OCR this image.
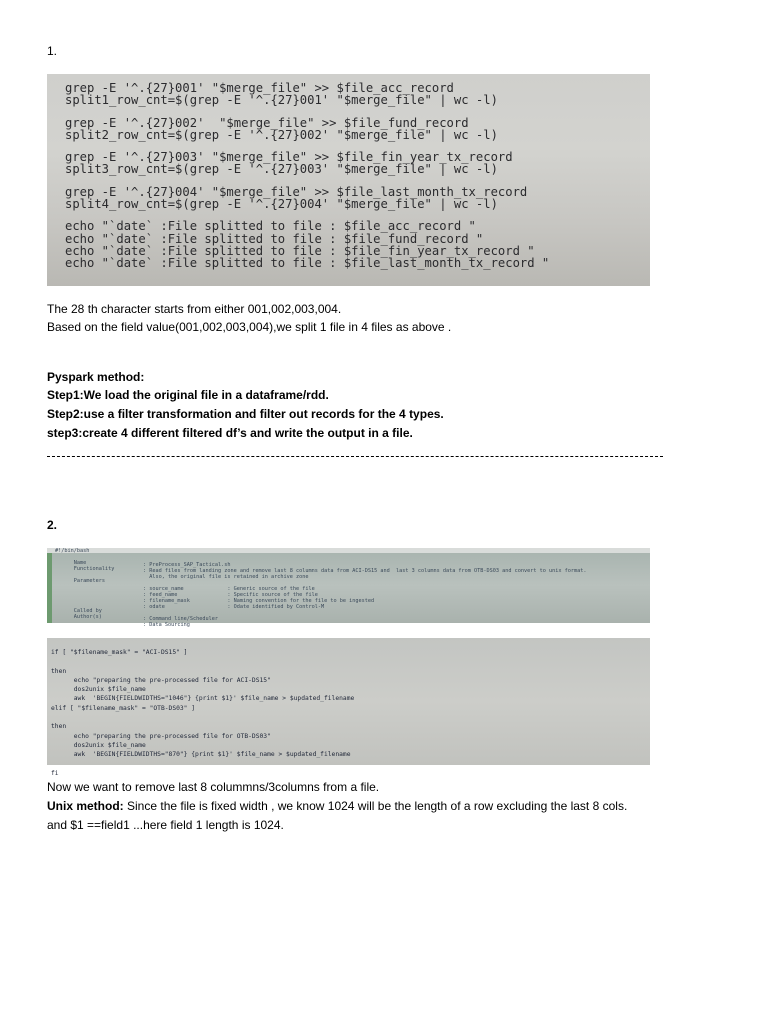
1.
grep -E '^.{27}001' "$merge_file" >> $file_acc_record
split1_row_cnt=$(grep -E '^.{27}001' "$merge_file" | wc -l)

grep -E '^.{27}002'  "$merge_file" >> $file_fund_record
split2_row_cnt=$(grep -E '^.{27}002' "$merge_file" | wc -l)

grep -E '^.{27}003' "$merge_file" >> $file_fin_year_tx_record
split3_row_cnt=$(grep -E '^.{27}003' "$merge_file" | wc -l)

grep -E '^.{27}004' "$merge_file" >> $file_last_month_tx_record
split4_row_cnt=$(grep -E '^.{27}004' "$merge_file" | wc -l)

echo "`date` :File splitted to file : $file_acc_record "
echo "`date` :File splitted to file : $file_fund_record "
echo "`date` :File splitted to file : $file_fin_year_tx_record "
echo "`date` :File splitted to file : $file_last_month_tx_record "
The 28 th character starts from either 001,002,003,004.
Based on the field value(001,002,003,004),we split 1 file in 4 files as above .
Pyspark method:
Step1:We load the original file in a dataframe/rdd.
Step2:use a filter transformation and filter out records for the 4 types.
step3:create 4 different filtered df’s and write the output in a file.
2.
#!/bin/bash

Name
Functionality

Parameters

Called by
Author(s)

: PreProcess_SAP_Tactical.sh
: Read files from landing zone and remove last 8 columns data from ACI-DS15 and  last 3 columns data from OTB-DS03 and convert to unix format.
Also, the original file is retained in archive zone

: source_name              : Generic source of the file
: feed_name                : Specific source of the file
: filename_mask            : Naming convention for the file to be ingested
: odate                    : Odate identified by Control-M

: Command line/Scheduler
: Data Sourcing
if [ "$filename_mask" = "ACI-DS15" ]

then
echo "preparing the pre-processed file for ACI-DS15"
dos2unix $file_name
awk  'BEGIN{FIELDWIDTHS="1046"} {print $1}' $file_name > $updated_filename
elif [ "$filename_mask" = "OTB-DS03" ]

then
echo "preparing the pre-processed file for OTB-DS03"
dos2unix $file_name
awk  'BEGIN{FIELDWIDTHS="870"} {print $1}' $file_name > $updated_filename

fi
Now we want to remove last 8 colummns/3columns from a file.
Unix method: Since the file is fixed width , we know 1024 will be the length of a row excluding the last 8 cols.
and $1 ==field1 ...here field 1 length is 1024.
